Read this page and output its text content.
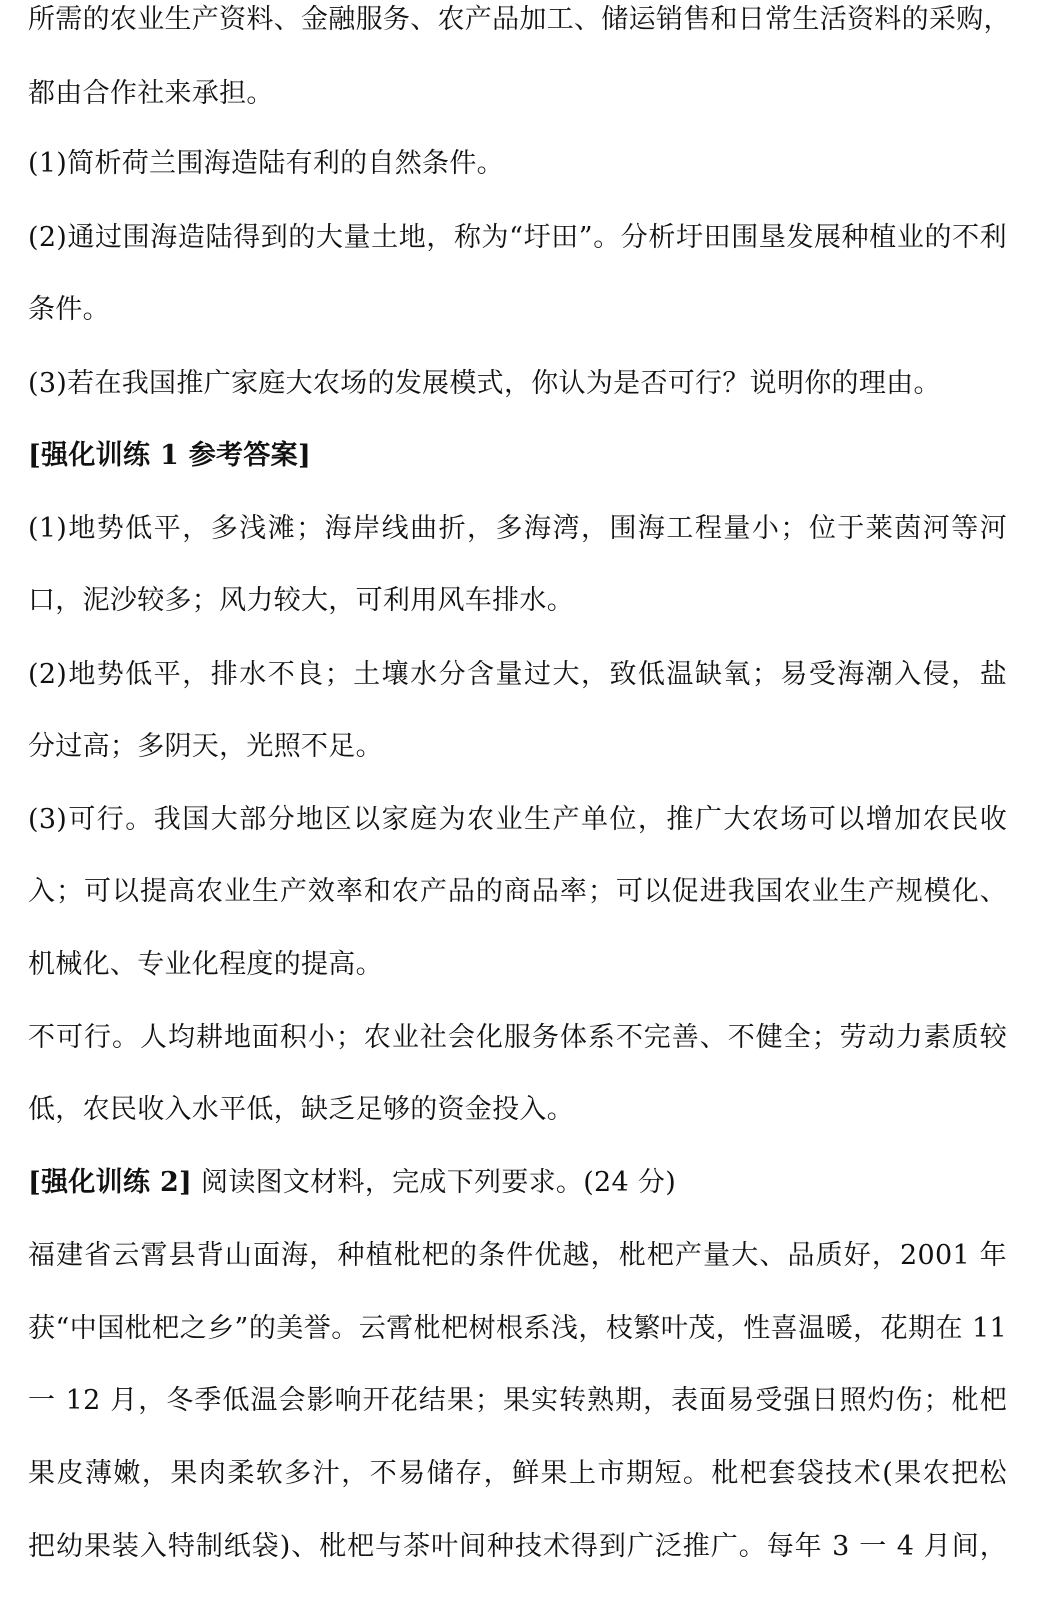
所需的农业生产资料、金融服务、农产品加工、储运销售和日常生活资料的采购，
都由合作社来承担。
(1)简析荷兰围海造陆有利的自然条件。
(2)通过围海造陆得到的大量土地，称为“圩田”。分析圩田围垦发展种植业的不利
条件。
(3)若在我国推广家庭大农场的发展模式，你认为是否可行？说明你的理由。
[强化训练 1 参考答案]
(1)地势低平，多浅滩；海岸线曲折，多海湾，围海工程量小；位于莱茵河等河
口，泥沙较多；风力较大，可利用风车排水。
(2)地势低平，排水不良；土壤水分含量过大，致低温缺氧；易受海潮入侵，盐
分过高；多阴天，光照不足。
(3)可行。我国大部分地区以家庭为农业生产单位，推广大农场可以增加农民收
入；可以提高农业生产效率和农产品的商品率；可以促进我国农业生产规模化、
机械化、专业化程度的提高。
不可行。人均耕地面积小；农业社会化服务体系不完善、不健全；劳动力素质较
低，农民收入水平低，缺乏足够的资金投入。
[强化训练 2] 阅读图文材料，完成下列要求。(24 分)
福建省云霄县背山面海，种植枇杷的条件优越，枇杷产量大、品质好，2001 年
获“中国枇杷之乡”的美誉。云霄枇杷树根系浅，枝繁叶茂，性喜温暖，花期在 11
一 12 月，冬季低温会影响开花结果；果实转熟期，表面易受强日照灼伤；枇杷
果皮薄嫩，果肉柔软多汁，不易储存，鲜果上市期短。枇杷套袋技术(果农把松
把幼果装入特制纸袋)、枇杷与茶叶间种技术得到广泛推广。每年 3 一 4 月间，
